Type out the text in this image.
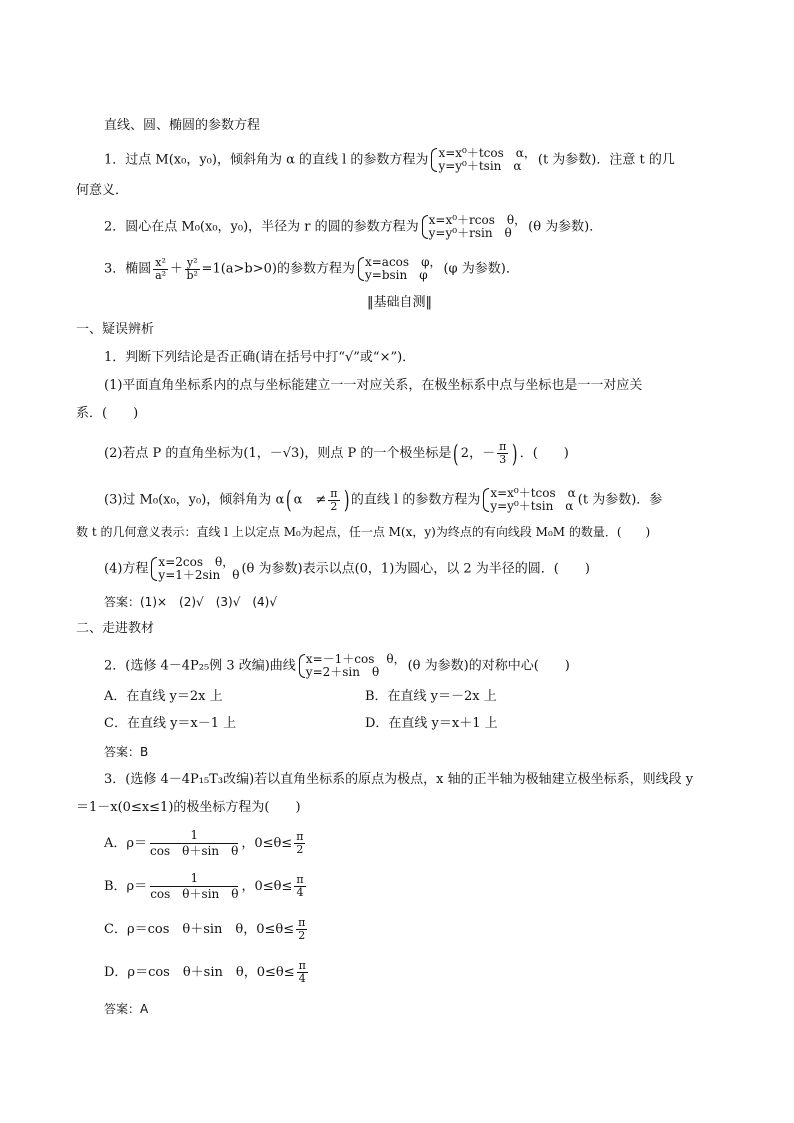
直线、圆、椭圆的参数方程
1．过点 M(x₀，y₀)，倾斜角为 α 的直线 l 的参数方程为 x=x⁰＋tcos　α，
y=y⁰＋tsin　α	(t 为参数)．注意 t 的几
何意义．
2．圆心在点 M₀(x₀，y₀)，半径为 r 的圆的参数方程为 x=x⁰＋rcos　θ，
y=y⁰＋rsin　θ	(θ 为参数)．
3．椭圆 $\frac{\text{x²}}{\text{a²}} + \frac{\text{y²}}{\text{b²}} =1(a>b>0)$的参数方程为 x=acos　φ，
y=bsin　φ	(φ 为参数)．
‖基础自测‖
一、疑误辨析
1．判断下列结论是否正确(请在括号中打“√”或“×”)．
(1)平面直角坐标系内的点与坐标能建立一一对应关系，在极坐标系中点与坐标也是一一对应关
系．(　　)
(2)若点 P 的直角坐标为(1，－√3)，则点 P 的一个极坐标是( 2，－ $\frac{\pi}{3}$ ) ．(　　)
(3)过 M₀(x₀，y₀)，倾斜角为 α( α　≠ $\frac{\pi}{2}$ ) 的直线 l 的参数方程为 x=x⁰＋tcos　α
y=y⁰＋tsin　α (t 为参数)．参
数 t 的几何意义表示：直线 l 上以定点 M₀为起点，任一点 M(x，y)为终点的有向线段 M₀M 的数量．(　　)
(4)方程 x=2cos　θ，
y=1＋2sin　θ (θ 为参数)表示以点(0，1)为圆心，以 2 为半径的圆．(　　)
答案：(1)×　(2)√　(3)√　(4)√
二、走进教材
2．(选修 4－4P₂₅例 3 改编)曲线 x=－1＋cos　θ，
y=2＋sin　θ	(θ 为参数)的对称中心(　　)
A．在直线 y＝2x 上	B．在直线 y＝－2x 上
C．在直线 y＝x－1 上	D．在直线 y＝x＋1 上
答案：B
3．(选修 4－4P₁₅T₃改编)若以直角坐标系的原点为极点，x 轴的正半轴为极轴建立极坐标系，则线段 y
＝1－x(0≤x≤1)的极坐标方程为(　　)
A．$\rho= \frac{1}{\text{cos　θ＋sin　θ}}$ ，$0\le\theta\le \frac{\pi}{2}$
B．$\rho= \frac{1}{\text{cos　θ＋sin　θ}}$ ，$0\le\theta\le \frac{\pi}{4}$
C．ρ＝cos　θ＋sin　θ，$0\le\theta\le \frac{\pi}{2}$
D．ρ＝cos　θ＋sin　θ，$0\le\theta\le \frac{\pi}{4}$
答案：A
